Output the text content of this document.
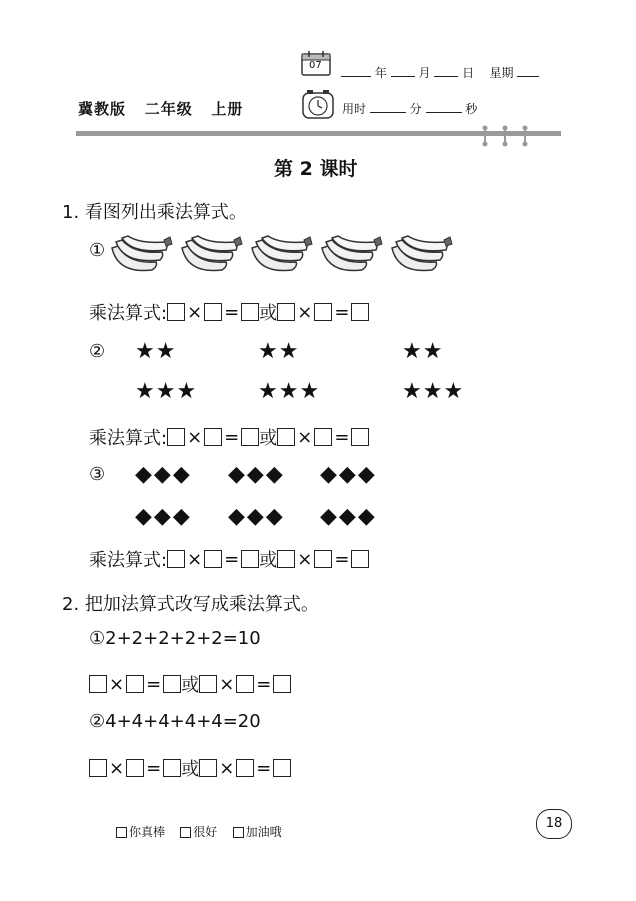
07
年	月	日 星期
冀教版 二年级 上册	用时	分	秒
第 2 课时
1. 看图列出乘法算式。
①
乘法算式: × = 或 × =
② ★★	★★	★★
★★★	★★★	★★★
乘法算式: × = 或 × =
③ ◆◆◆ ◆◆◆ ◆◆◆
◆◆◆ ◆◆◆ ◆◆◆
乘法算式: × = 或 × =
2. 把加法算式改写成乘法算式。
①2+2+2+2+2=10
× = 或 × =
②4+4+4+4+4=20
× = 或 × =
你真棒 很好 加油哦
18
